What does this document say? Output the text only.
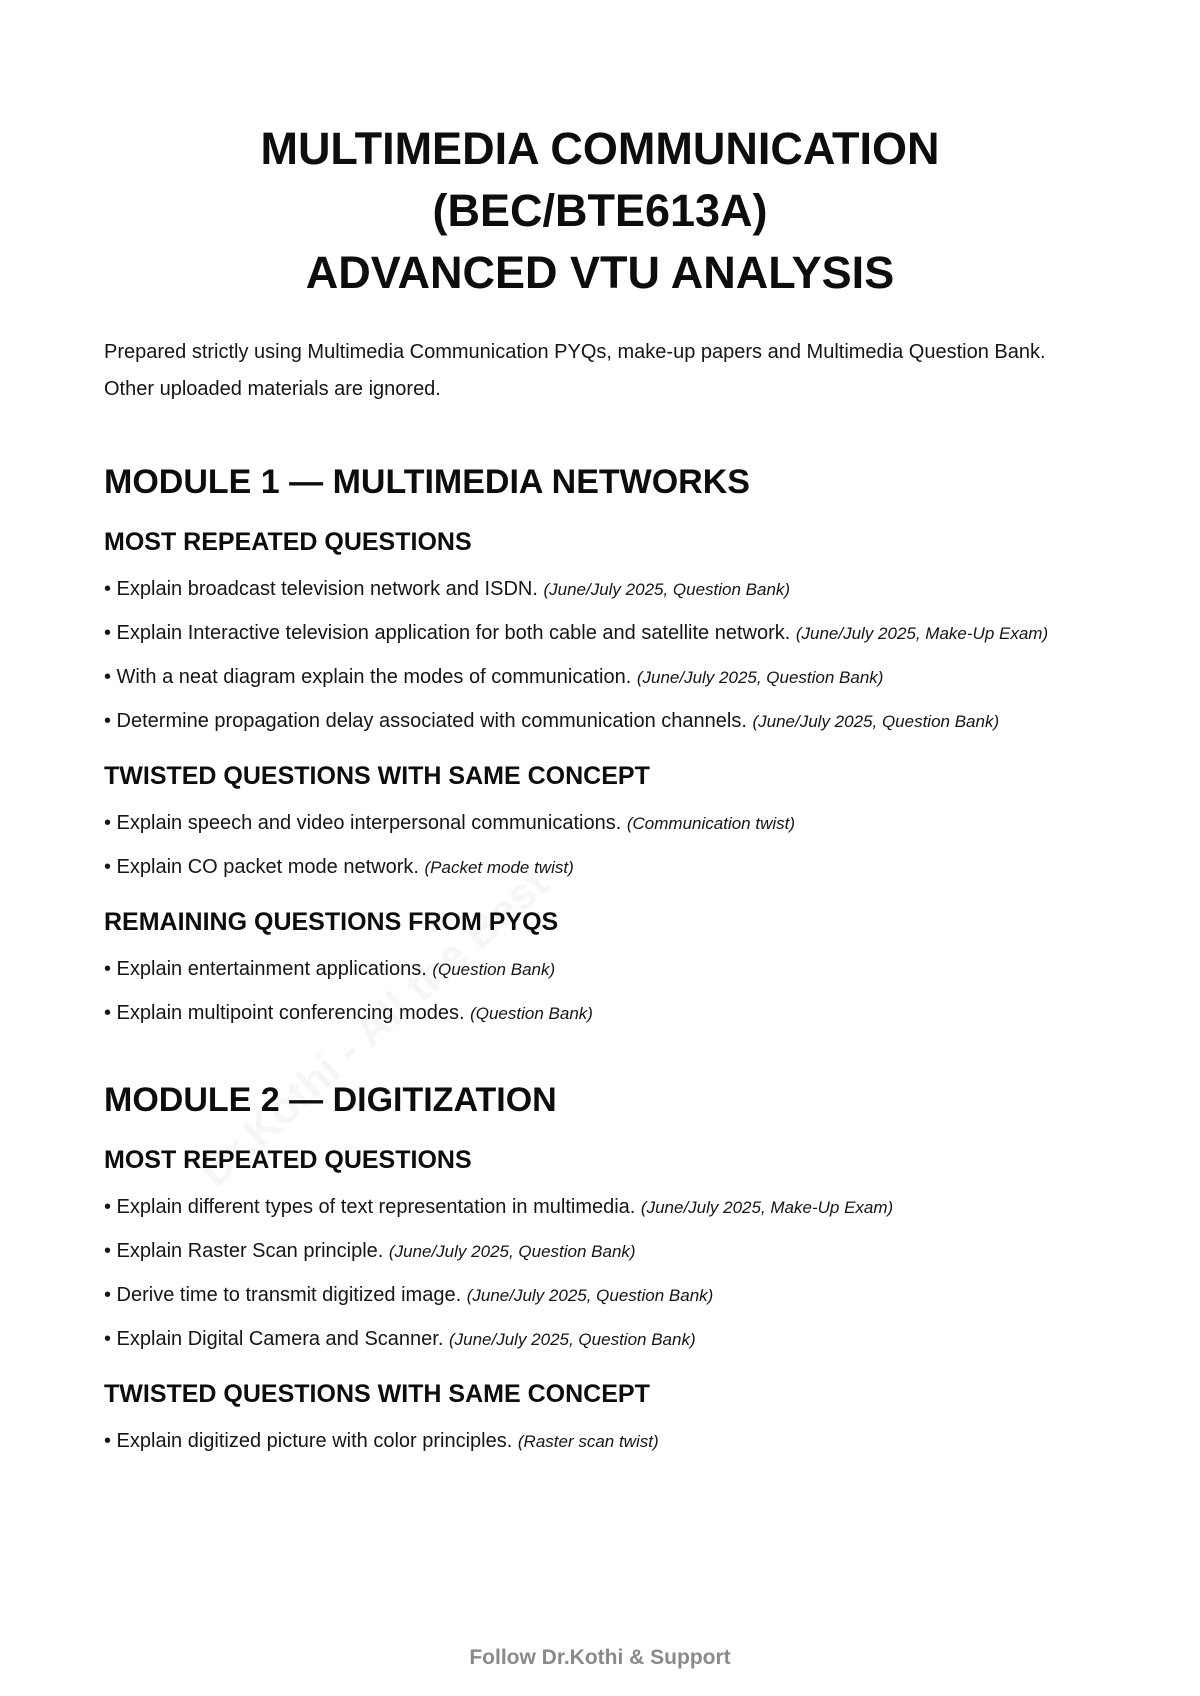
MULTIMEDIA COMMUNICATION
(BEC/BTE613A)
ADVANCED VTU ANALYSIS

Prepared strictly using Multimedia Communication PYQs, make-up papers and Multimedia Question Bank. Other uploaded materials are ignored.

MODULE 1 — MULTIMEDIA NETWORKS
MOST REPEATED QUESTIONS

• Explain broadcast television network and ISDN. (June/July 2025, Question Bank)

• Explain Interactive television application for both cable and satellite network. (June/July 2025, Make-Up Exam)

• With a neat diagram explain the modes of communication. (June/July 2025, Question Bank)

• Determine propagation delay associated with communication channels. (June/July 2025, Question Bank)

TWISTED QUESTIONS WITH SAME CONCEPT

• Explain speech and video interpersonal communications. (Communication twist)

• Explain CO packet mode network. (Packet mode twist)

REMAINING QUESTIONS FROM PYQS

• Explain entertainment applications. (Question Bank)

• Explain multipoint conferencing modes. (Question Bank)

MODULE 2 — DIGITIZATION
MOST REPEATED QUESTIONS

• Explain different types of text representation in multimedia. (June/July 2025, Make-Up Exam)

• Explain Raster Scan principle. (June/July 2025, Question Bank)

• Derive time to transmit digitized image. (June/July 2025, Question Bank)

• Explain Digital Camera and Scanner. (June/July 2025, Question Bank)

TWISTED QUESTIONS WITH SAME CONCEPT

• Explain digitized picture with color principles. (Raster scan twist)

Follow Dr.Kothi & Support
